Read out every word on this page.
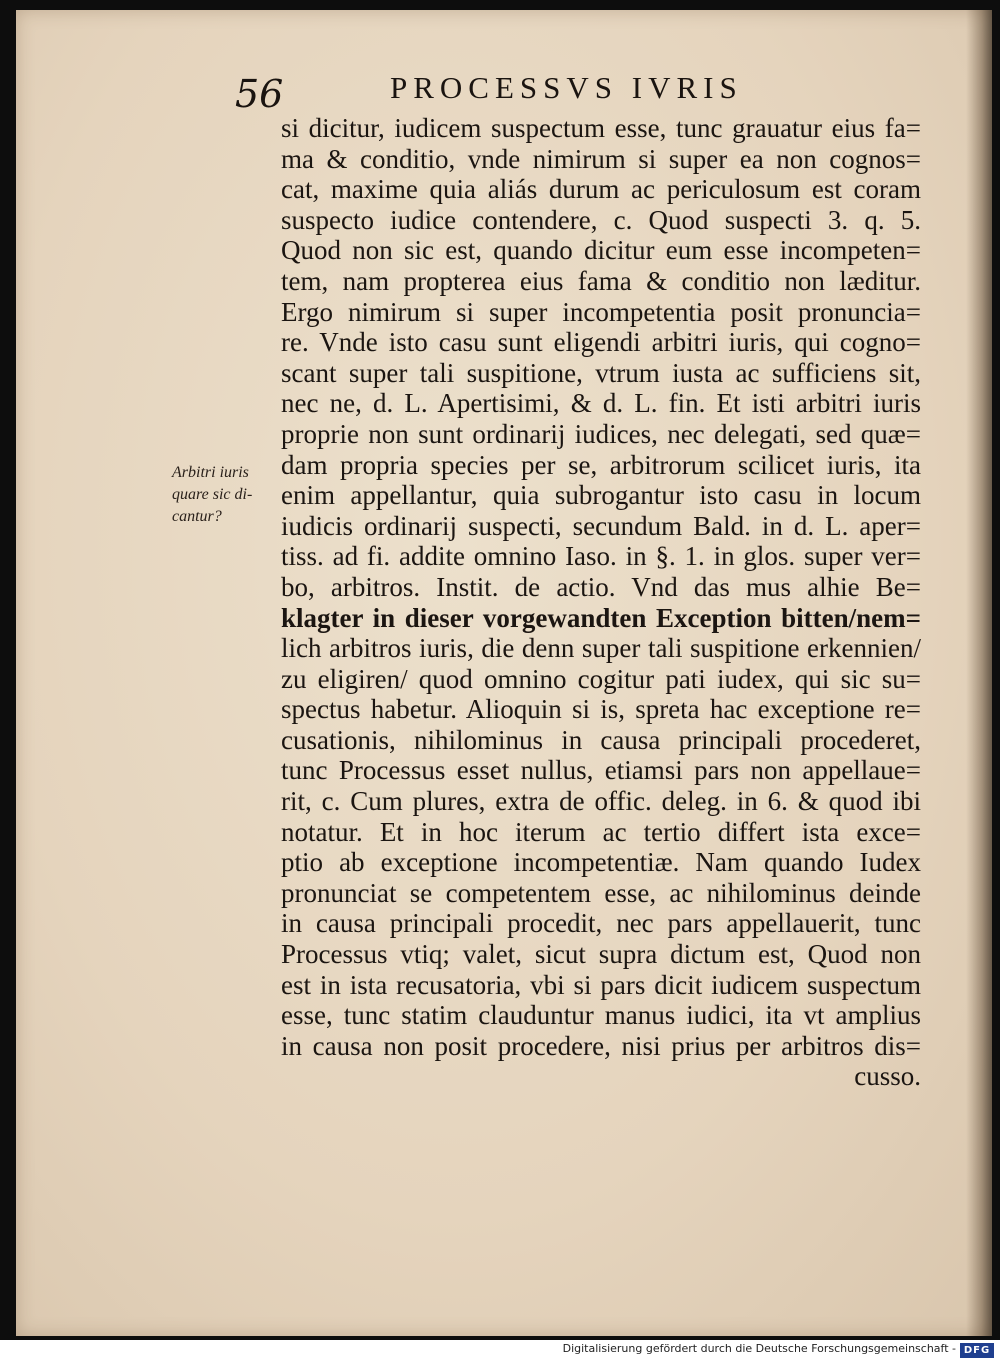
56	PROCESSVS IVRIS
Arbitri iuris
quare sic di-
cantur?
si dicitur, iudicem suspectum esse, tunc grauatur eius fa=
ma & conditio, vnde nimirum si super ea non cognos=
cat, maxime quia aliás durum ac periculosum est coram
suspecto iudice contendere, c. Quod suspecti 3. q. 5.
Quod non sic est, quando dicitur eum esse incompeten=
tem, nam propterea eius fama & conditio non læditur.
Ergo nimirum si super incompetentia posit pronuncia=
re. Vnde isto casu sunt eligendi arbitri iuris, qui cogno=
scant super tali suspitione, vtrum iusta ac sufficiens sit,
nec ne, d. L. Apertisimi, & d. L. fin. Et isti arbitri iuris
proprie non sunt ordinarij iudices, nec delegati, sed quæ=
dam propria species per se, arbitrorum scilicet iuris, ita
enim appellantur, quia subrogantur isto casu in locum
iudicis ordinarij suspecti, secundum Bald. in d. L. aper=
tiss. ad fi. addite omnino Iaso. in §. 1. in glos. super ver=
bo, arbitros. Instit. de actio. Vnd das mus alhie Be=
klagter in dieser vorgewandten Exception bitten/nem=
lich arbitros iuris, die denn super tali suspitione erkennien/
zu eligiren/ quod omnino cogitur pati iudex, qui sic su=
spectus habetur. Alioquin si is, spreta hac exceptione re=
cusationis, nihilominus in causa principali procederet,
tunc Processus esset nullus, etiamsi pars non appellaue=
rit, c. Cum plures, extra de offic. deleg. in 6. & quod ibi
notatur. Et in hoc iterum ac tertio differt ista exce=
ptio ab exceptione incompetentiæ. Nam quando Iudex
pronunciat se competentem esse, ac nihilominus deinde
in causa principali procedit, nec pars appellauerit, tunc
Processus vtiq; valet, sicut supra dictum est, Quod non
est in ista recusatoria, vbi si pars dicit iudicem suspectum
esse, tunc statim clauduntur manus iudici, ita vt amplius
in causa non posit procedere, nisi prius per arbitros dis=
cusso.
Digitalisierung gefördert durch die Deutsche Forschungsgemeinschaft - DFG
